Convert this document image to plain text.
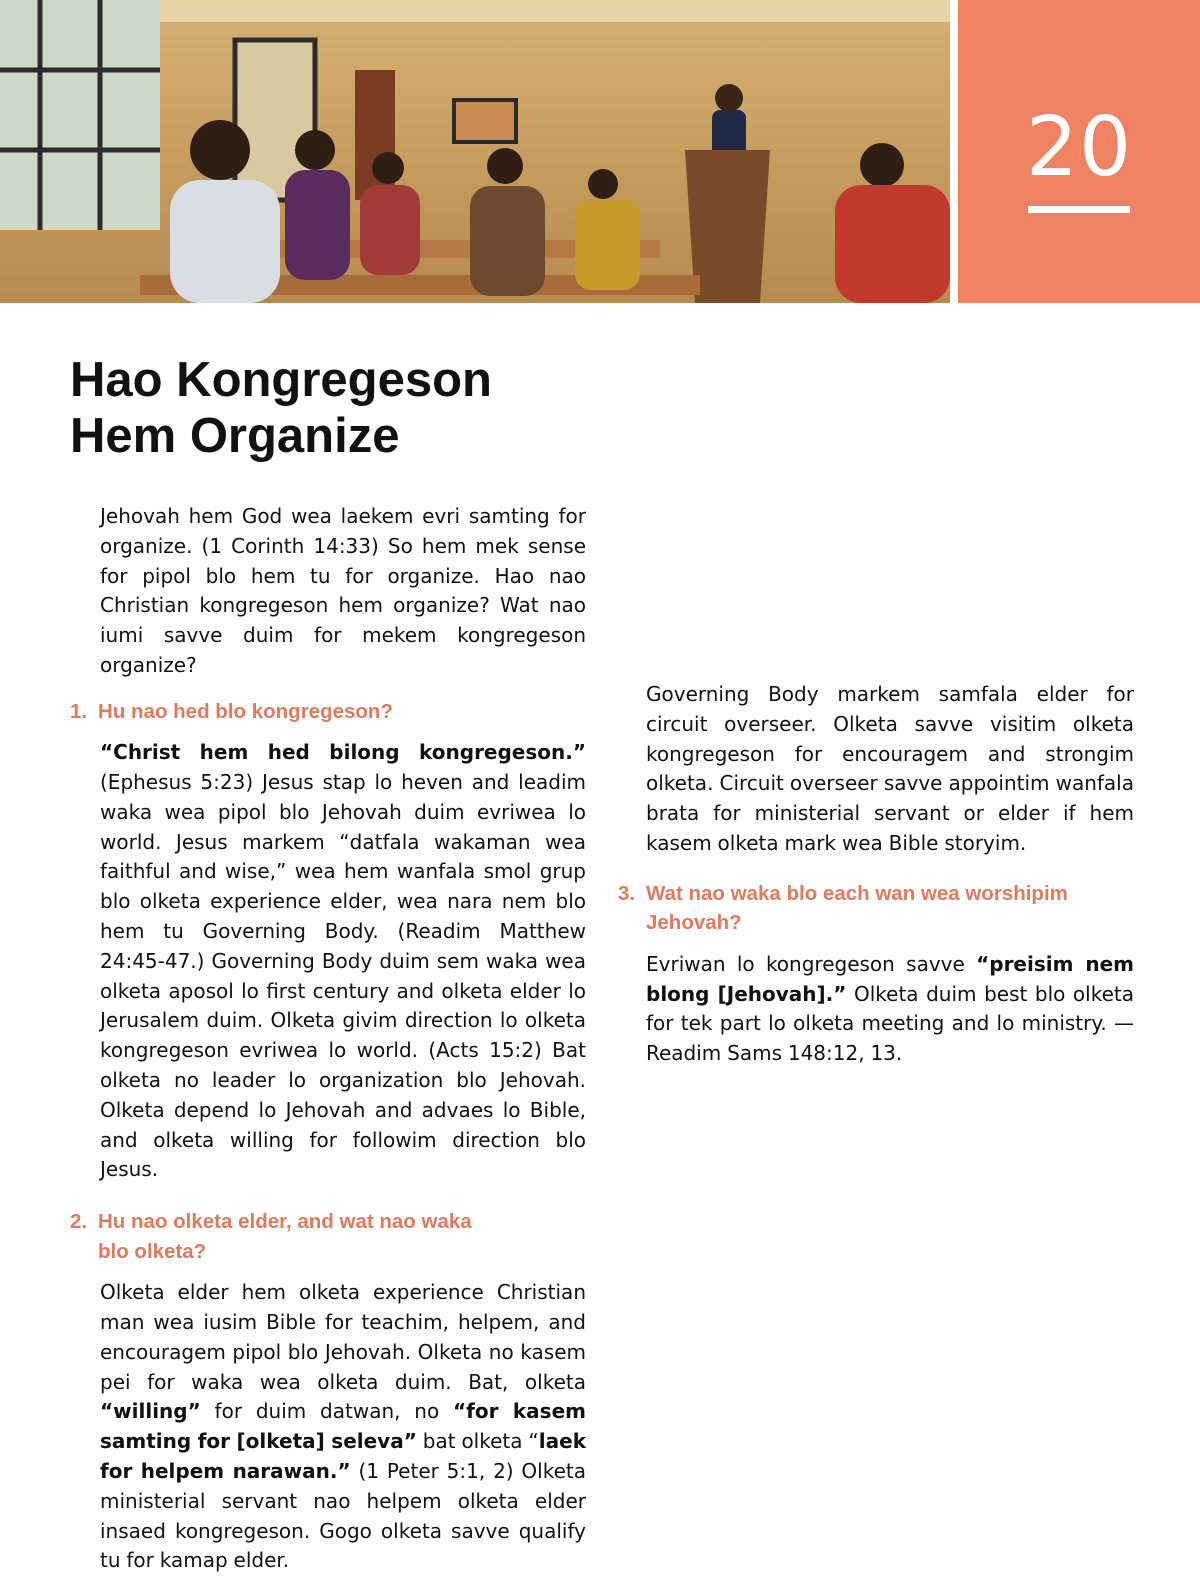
20
Hao Kongregeson
Hem Organize

Jehovah hem God wea laekem evri samting for organize. (1 Corinth 14:33) So hem mek sense for pipol blo hem tu for organize. Hao nao Christian kongregeson hem organize? Wat nao iumi savve duim for mekem kongregeson organize?

1. Hu nao hed blo kongregeson?

“Christ hem hed bilong kongregeson.” (Ephesus 5:23) Jesus stap lo heven and leadim waka wea pipol blo Jehovah duim evriwea lo world. Jesus markem “datfala wakaman wea faithful and wise,” wea hem wanfala smol grup blo olketa experience elder, wea nara nem blo hem tu Governing Body. (Readim Matthew 24:45-47.) Governing Body duim sem waka wea olketa aposol lo first century and olketa elder lo Jerusalem duim. Olketa givim direction lo olketa kongregeson evriwea lo world. (Acts 15:2) Bat olketa no leader lo organization blo Jehovah. Olketa depend lo Jehovah and advaes lo Bible, and olketa willing for followim direction blo Jesus.

2. Hu nao olketa elder, and wat nao waka
blo olketa?

Olketa elder hem olketa experience Christian man wea iusim Bible for teachim, helpem, and encouragem pipol blo Jehovah. Olketa no kasem pei for waka wea olketa duim. Bat, olketa “willing” for duim datwan, no “for kasem samting for [olketa] seleva” bat olketa “laek for helpem narawan.” (1 Peter 5:1, 2) Olketa ministerial servant nao helpem olketa elder insaed kongregeson. Gogo olketa savve qualify tu for kamap elder.

Governing Body markem samfala elder for circuit overseer. Olketa savve visitim olketa kongregeson for encouragem and strongim olketa. Circuit overseer savve appointim wanfala brata for ministerial servant or elder if hem kasem olketa mark wea Bible storyim.

3. Wat nao waka blo each wan wea worshipim Jehovah?

Evriwan lo kongregeson savve “preisim nem blong [Jehovah].” Olketa duim best blo olketa for tek part lo olketa meeting and lo ministry. —Readim Sams 148:12, 13.
